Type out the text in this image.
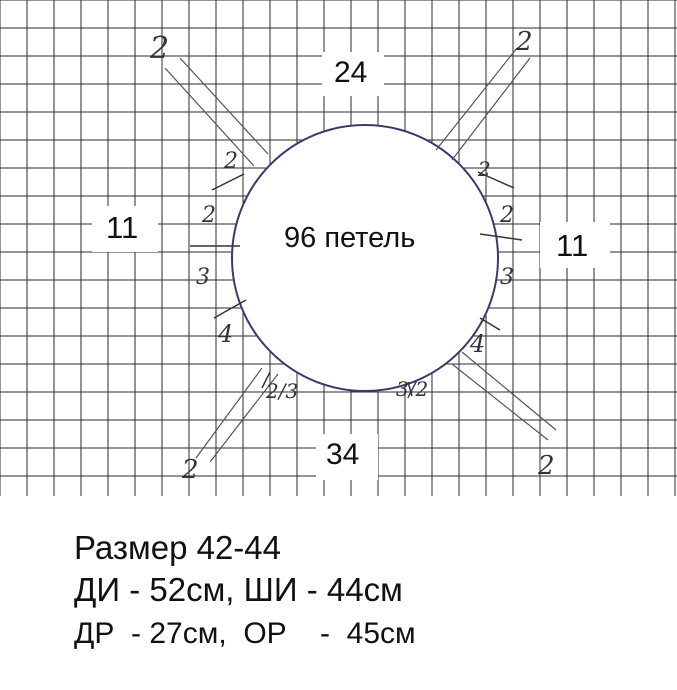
2	2
2	2
2
2
3
4
2
2
3
4
2/3	3/2
24
96 петель
11
11
34
Размер 42-44
ДИ - 52см, ШИ - 44см
ДР  - 27см,  ОР    -  45см
